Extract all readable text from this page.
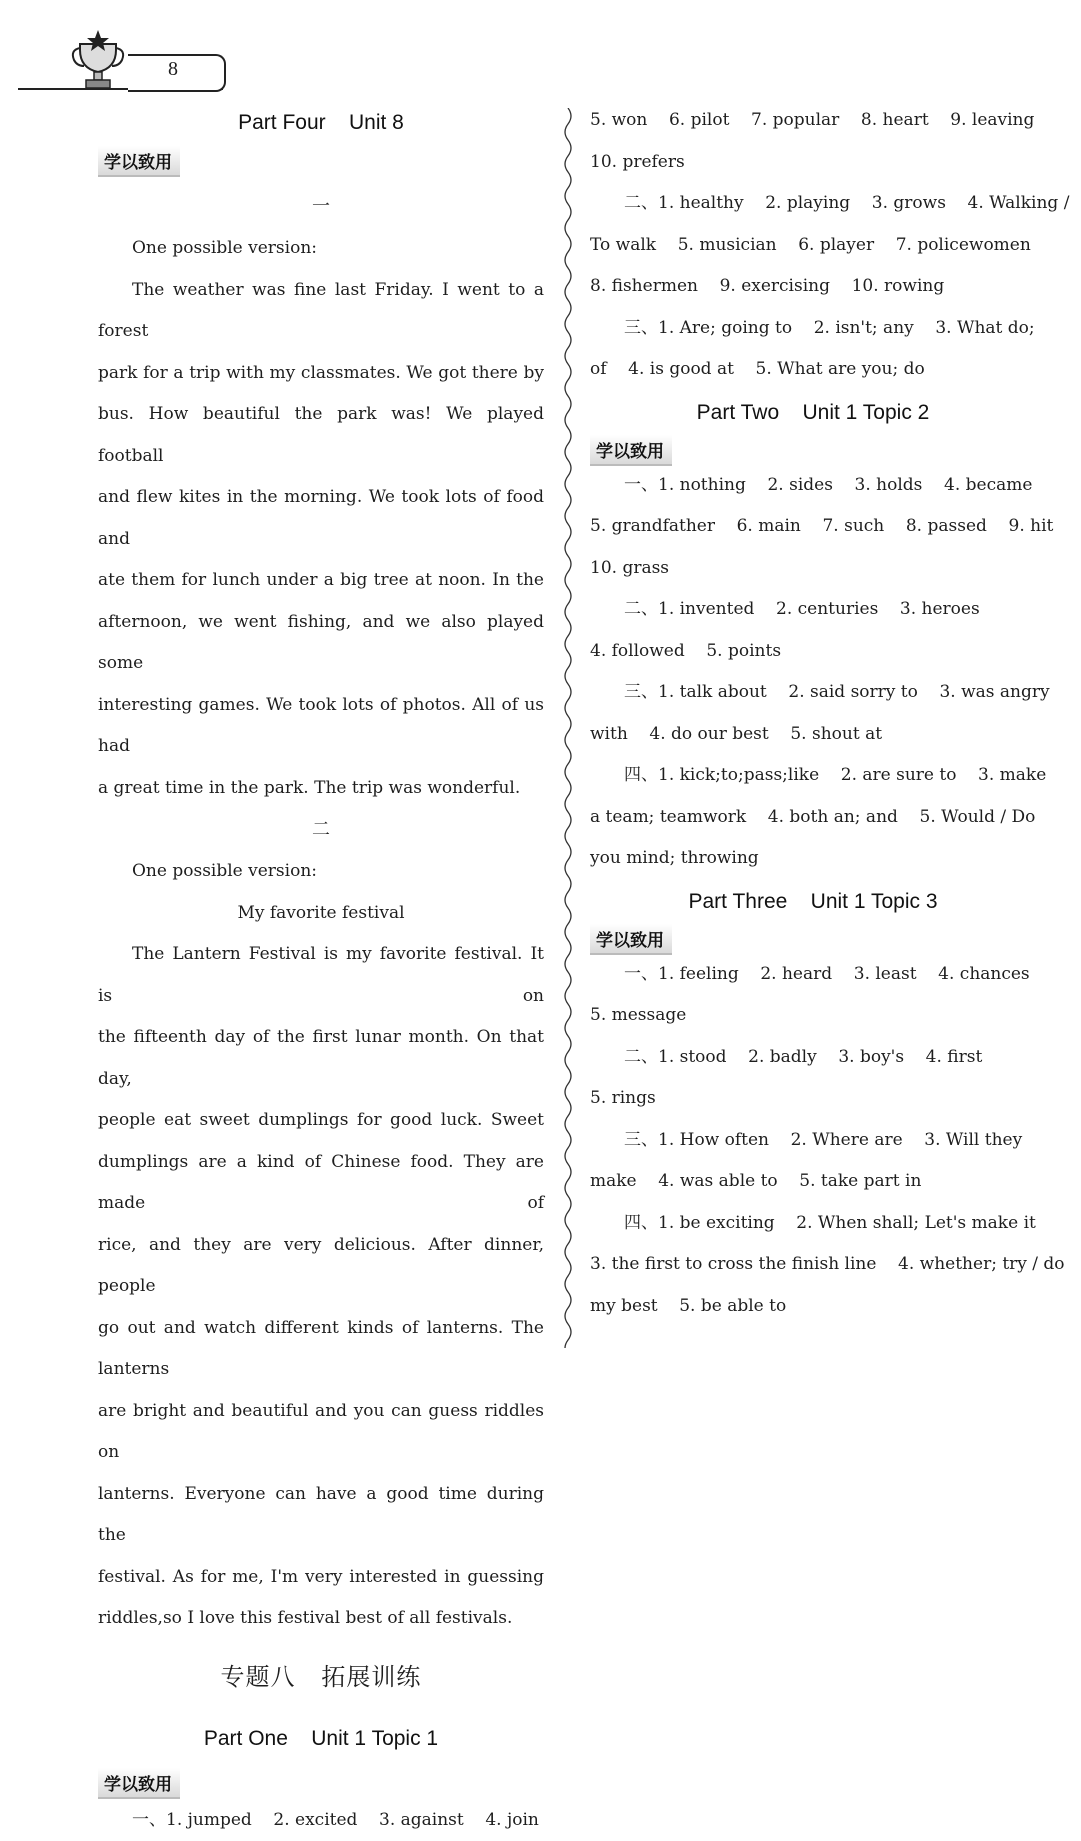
8
Part Four    Unit 8
学以致用
一

One possible version:

The weather was fine last Friday. I went to a forest

park for a trip with my classmates. We got there by

bus. How beautiful the park was! We played football

and flew kites in the morning. We took lots of food and

ate them for lunch under a big tree at noon. In the

afternoon, we went fishing, and we also played some

interesting games. We took lots of photos. All of us had

a great time in the park. The trip was wonderful.

二

One possible version:

My favorite festival

The Lantern Festival is my favorite festival. It is on

the fifteenth day of the first lunar month. On that day,

people eat sweet dumplings for good luck. Sweet

dumplings are a kind of Chinese food. They are made of

rice, and they are very delicious. After dinner, people

go out and watch different kinds of lanterns. The lanterns

are bright and beautiful and you can guess riddles on

lanterns. Everyone can have a good time during the

festival. As for me, I'm very interested in guessing

riddles,so I love this festival best of all festivals.

专题八   拓展训练
Part One    Unit 1 Topic 1
学以致用

一、1. jumped    2. excited    3. against    4. join

5. won    6. pilot    7. popular    8. heart    9. leaving

10. prefers

二、1. healthy    2. playing    3. grows    4. Walking /

To walk    5. musician    6. player    7. policewomen

8. fishermen    9. exercising    10. rowing

三、1. Are; going to    2. isn't; any    3. What do;

of    4. is good at    5. What are you; do

Part Two    Unit 1 Topic 2
学以致用

一、1. nothing    2. sides    3. holds    4. became

5. grandfather    6. main    7. such    8. passed    9. hit

10. grass

二、1. invented    2. centuries    3. heroes

4. followed    5. points

三、1. talk about    2. said sorry to    3. was angry

with    4. do our best    5. shout at

四、1. kick;to;pass;like    2. are sure to    3. make

a team; teamwork    4. both an; and    5. Would / Do

you mind; throwing

Part Three    Unit 1 Topic 3
学以致用

一、1. feeling    2. heard    3. least    4. chances

5. message

二、1. stood    2. badly    3. boy's    4. first

5. rings

三、1. How often    2. Where are    3. Will they

make    4. was able to    5. take part in

四、1. be exciting    2. When shall; Let's make it

3. the first to cross the finish line    4. whether; try / do

my best    5. be able to
